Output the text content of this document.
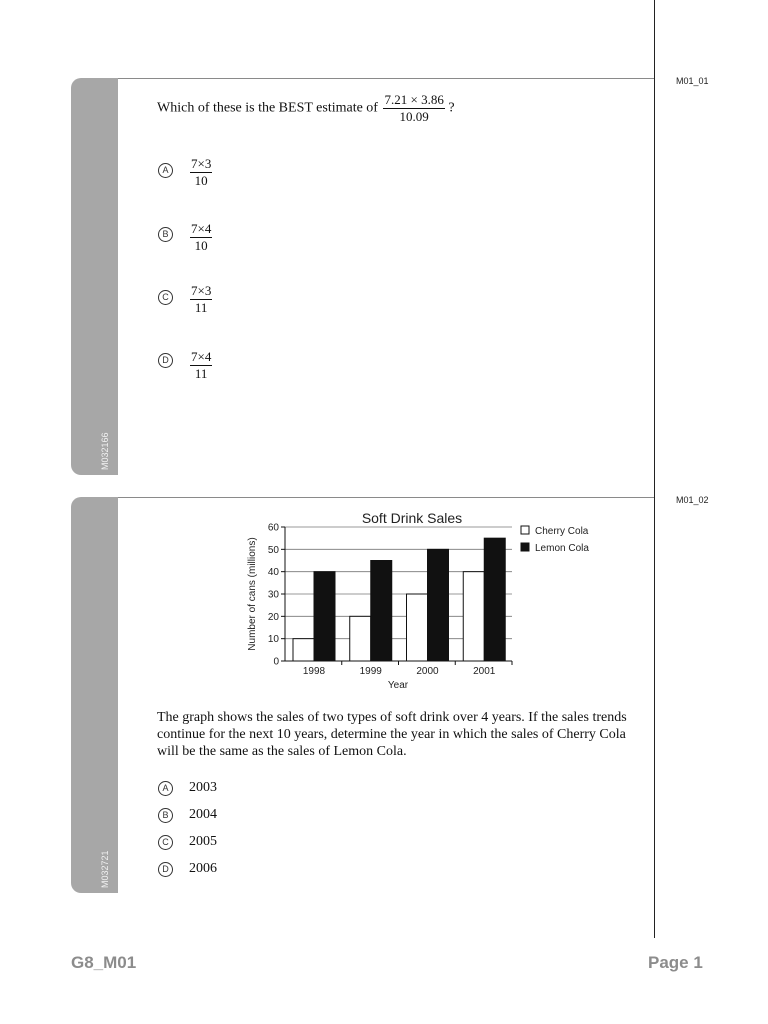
M01_01
M032166
Which of these is the BEST estimate of $\frac{7.21 \times 3.86}{10.09}$ ?
A	$\frac{7\times 3}{10}$
B	$\frac{7\times 4}{10}$
C	$\frac{7\times 3}{11}$
D	$\frac{7\times 4}{11}$
M01_02
M032721
Soft Drink Sales
0
10
20
30
40
50
60
1998	1999	2000	2001
Number of cans (millions)
Year
Cherry Cola
Lemon Cola
The graph shows the sales of two types of soft drink over 4 years. If the sales trends continue for the next 10 years, determine the year in which the sales of Cherry Cola will be the same as the sales of Lemon Cola.
A	2003
B	2004
C	2005
D	2006
G8_M01	Page 1
